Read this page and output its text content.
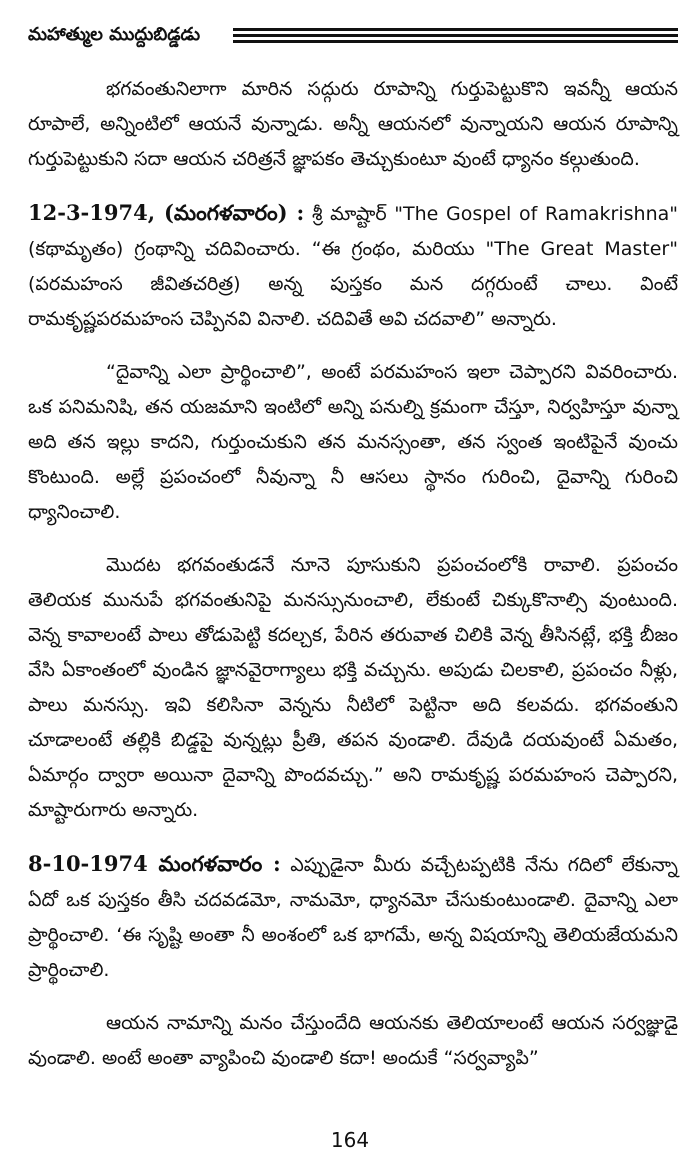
మహాత్ముల ముద్దుబిడ్డడు

భగవంతునిలాగా మారిన సద్గురు రూపాన్ని గుర్తుపెట్టుకొని ఇవన్నీ ఆయన రూపాలే, అన్నింటిలో ఆయనే వున్నాడు. అన్నీ ఆయనలో వున్నాయని ఆయన రూపాన్ని గుర్తుపెట్టుకుని సదా ఆయన చరిత్రనే జ్ఞాపకం తెచ్చుకుంటూ వుంటే ధ్యానం కల్గుతుంది.

12-3-1974, (మంగళవారం) : శ్రీ మాష్టార్ "The Gospel of Ramakrishna" (కథామృతం) గ్రంథాన్ని చదివించారు. “ఈ గ్రంథం, మరియు "The Great Master" (పరమహంస జీవితచరిత్ర) అన్న పుస్తకం మన దగ్గరుంటే చాలు. వింటే రామకృష్ణపరమహంస చెప్పినవి వినాలి. చదివితే అవి చదవాలి” అన్నారు.

“దైవాన్ని ఎలా ప్రార్థించాలి”, అంటే పరమహంస ఇలా చెప్పారని వివరించారు. ఒక పనిమనిషి, తన యజమాని ఇంటిలో అన్ని పనుల్ని క్రమంగా చేస్తూ, నిర్వహిస్తూ వున్నా అది తన ఇల్లు కాదని, గుర్తుంచుకుని తన మనస్సంతా, తన స్వంత ఇంటిపైనే వుంచు కొంటుంది. అల్లే ప్రపంచంలో నీవున్నా నీ ఆసలు స్థానం గురించి, దైవాన్ని గురించి ధ్యానించాలి.

మొదట భగవంతుడనే నూనె పూసుకుని ప్రపంచంలోకి రావాలి. ప్రపంచం తెలియక మునుపే భగవంతునిపై మనస్సునుంచాలి, లేకుంటే చిక్కుకొనాల్సి వుంటుంది. వెన్న కావాలంటే పాలు తోడుపెట్టి కదల్చక, పేరిన తరువాత చిలికి వెన్న తీసినట్లే, భక్తి బీజం వేసి ఏకాంతంలో వుండిన జ్ఞానవైరాగ్యాలు భక్తి వచ్చును. అపుడు చిలకాలి, ప్రపంచం నీళ్లు, పాలు మనస్సు. ఇవి కలిసినా వెన్నను నీటిలో పెట్టినా అది కలవదు. భగవంతుని చూడాలంటే తల్లికి బిడ్డపై వున్నట్లు ప్రీతి, తపన వుండాలి. దేవుడి దయవుంటే ఏమతం, ఏమార్గం ద్వారా అయినా దైవాన్ని పొందవచ్చు.” అని రామకృష్ణ పరమహంస చెప్పారని, మాష్టారుగారు అన్నారు.

8-10-1974 మంగళవారం : ఎప్పుడైనా మీరు వచ్చేటప్పటికి నేను గదిలో లేకున్నా ఏదో ఒక పుస్తకం తీసి చదవడమో, నామమో, ధ్యానమో చేసుకుంటుండాలి. దైవాన్ని ఎలా ప్రార్థించాలి. ‘ఈ సృష్టి అంతా నీ అంశంలో ఒక భాగమే, అన్న విషయాన్ని తెలియజేయమని ప్రార్థించాలి.

ఆయన నామాన్ని మనం చేస్తుందేది ఆయనకు తెలియాలంటే ఆయన సర్వజ్ఞుడై వుండాలి. అంటే అంతా వ్యాపించి వుండాలి కదా! అందుకే “సర్వవ్యాపి”

164
